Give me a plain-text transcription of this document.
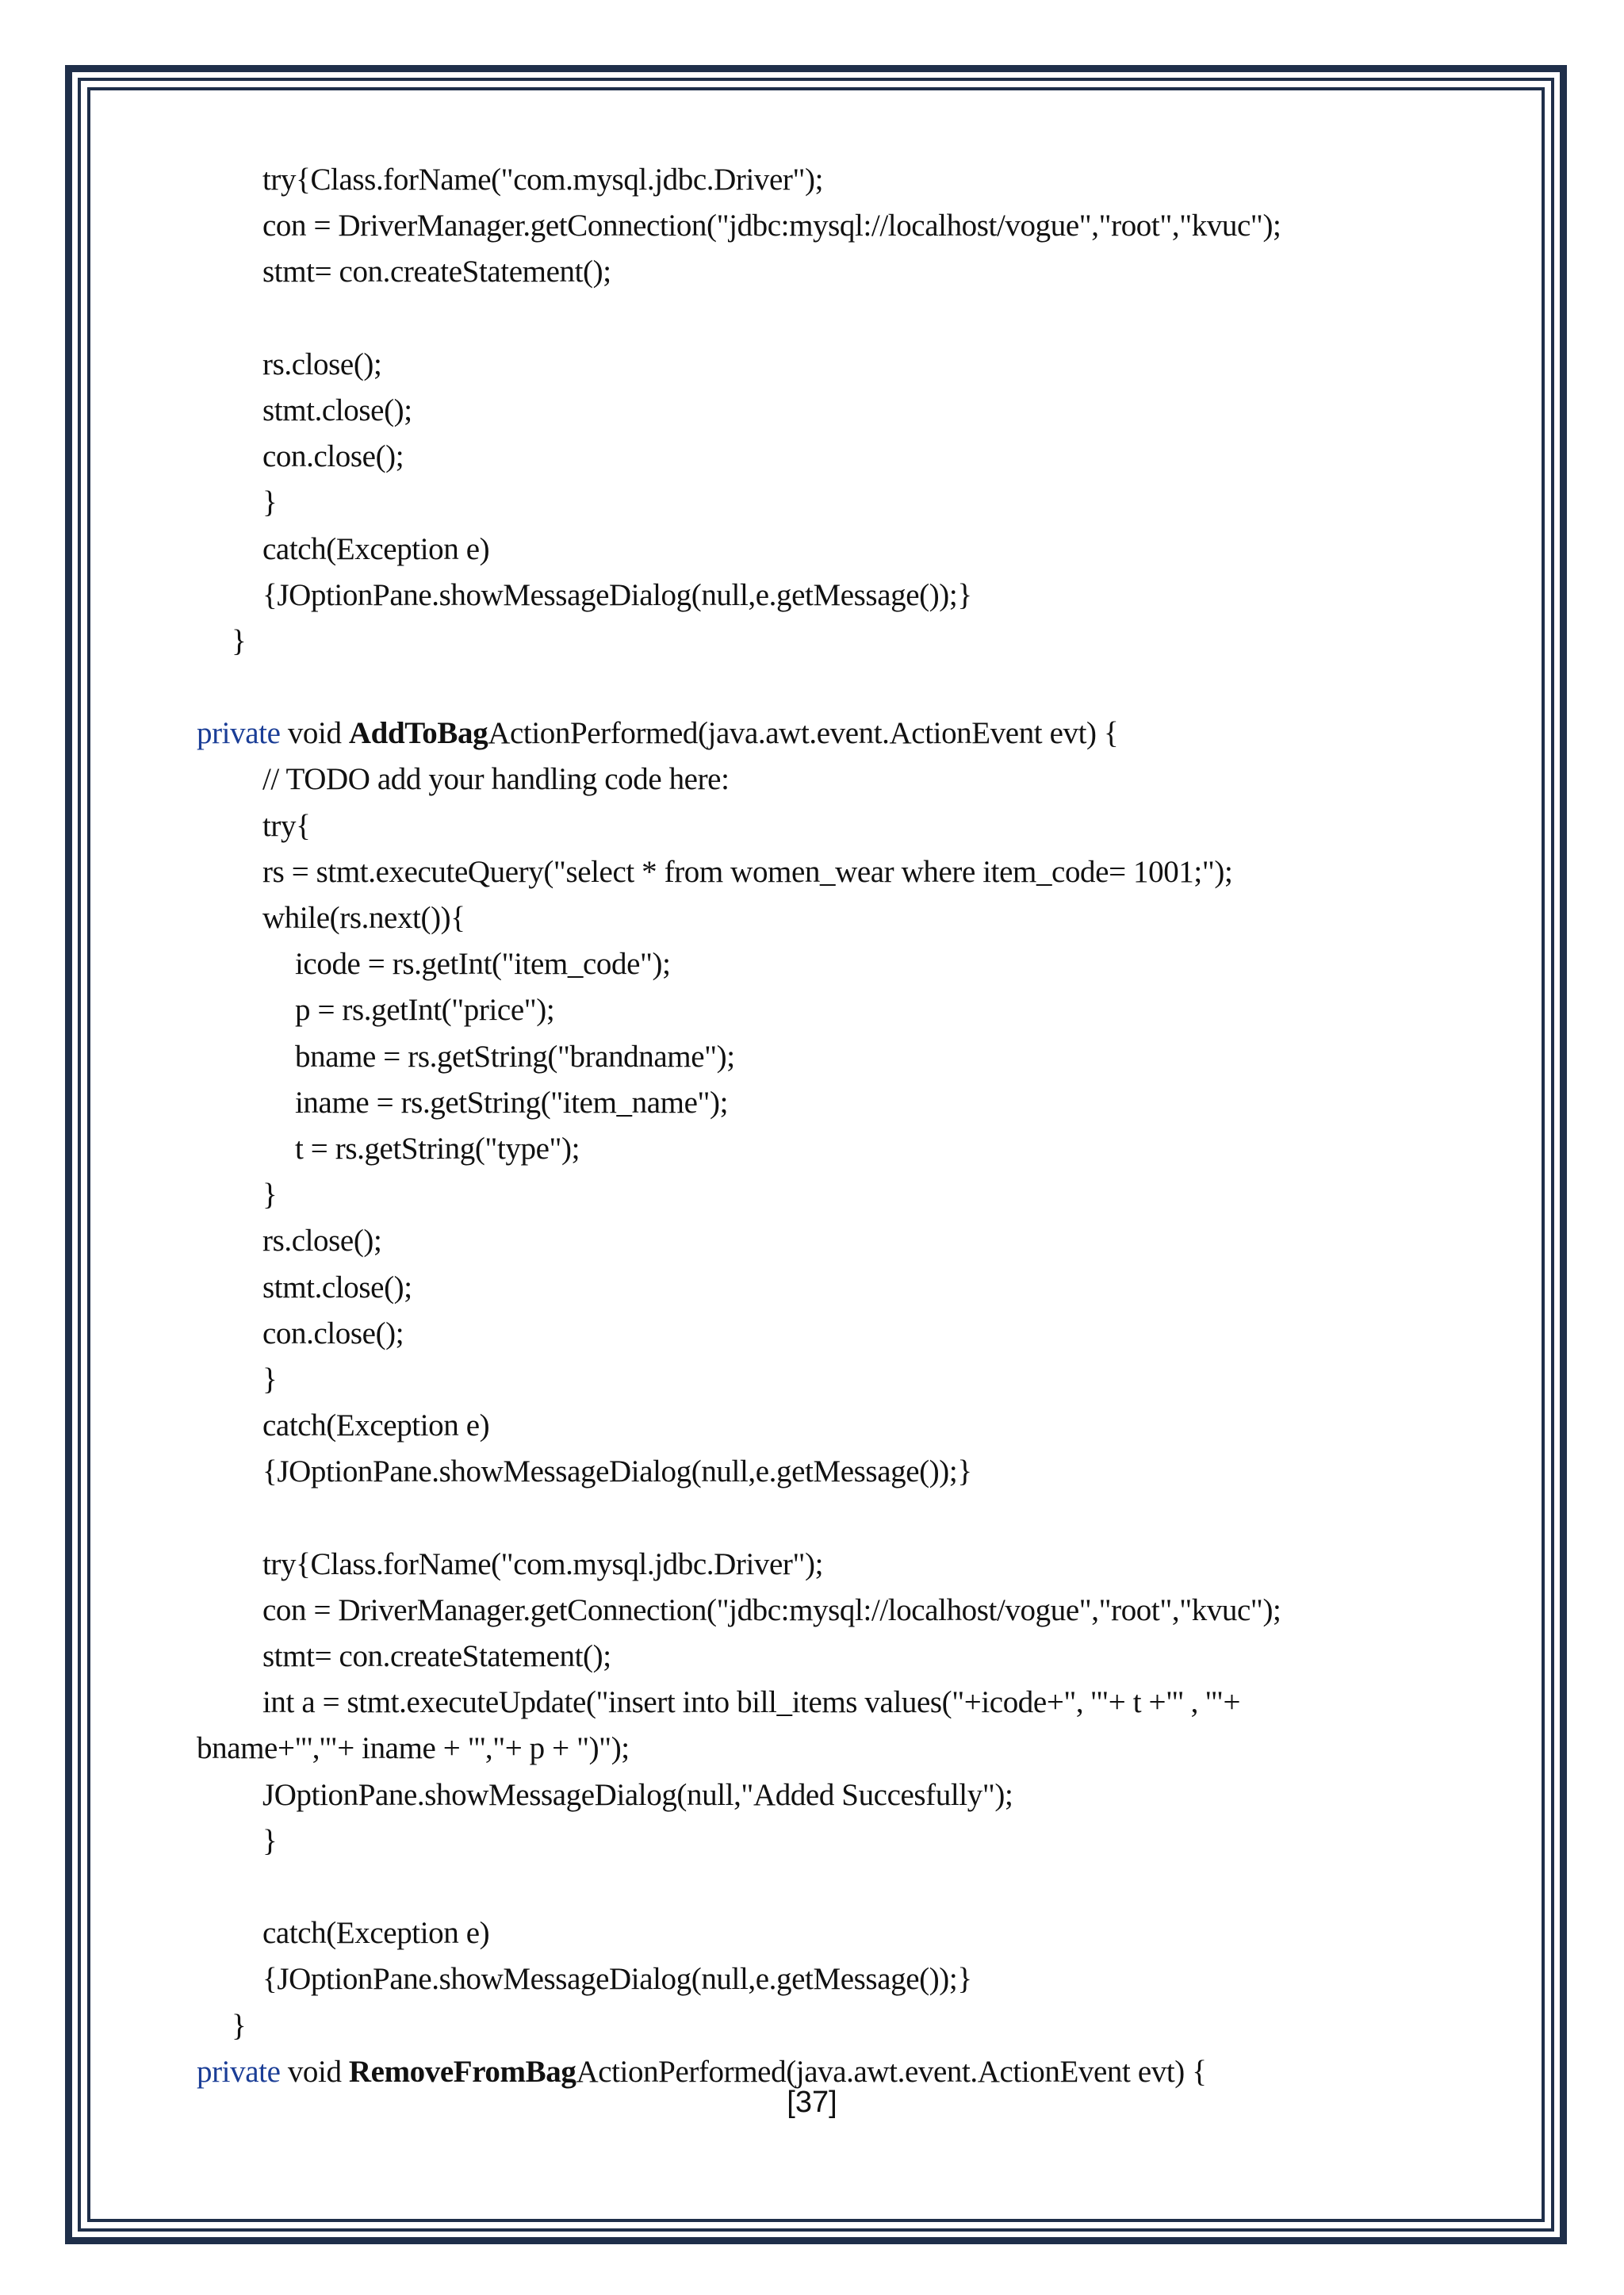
try{Class.forName("com.mysql.jdbc.Driver");
con = DriverManager.getConnection("jdbc:mysql://localhost/vogue","root","kvuc");
stmt= con.createStatement();
rs.close();
stmt.close();
con.close();
}
catch(Exception e)
{JOptionPane.showMessageDialog(null,e.getMessage());}
}
private void AddToBagActionPerformed(java.awt.event.ActionEvent evt) {
// TODO add your handling code here:
try{
rs = stmt.executeQuery("select * from women_wear where item_code= 1001;");
while(rs.next()){
icode = rs.getInt("item_code");
p = rs.getInt("price");
bname = rs.getString("brandname");
iname = rs.getString("item_name");
t = rs.getString("type");
}
rs.close();
stmt.close();
con.close();
}
catch(Exception e)
{JOptionPane.showMessageDialog(null,e.getMessage());}
try{Class.forName("com.mysql.jdbc.Driver");
con = DriverManager.getConnection("jdbc:mysql://localhost/vogue","root","kvuc");
stmt= con.createStatement();
int a = stmt.executeUpdate("insert into bill_items values("+icode+", '"+ t +"' , '"+
bname+"','"+ iname + "',"+ p + ")");
JOptionPane.showMessageDialog(null,"Added Succesfully");
}
catch(Exception e)
{JOptionPane.showMessageDialog(null,e.getMessage());}
}
private void RemoveFromBagActionPerformed(java.awt.event.ActionEvent evt) {
[37]
